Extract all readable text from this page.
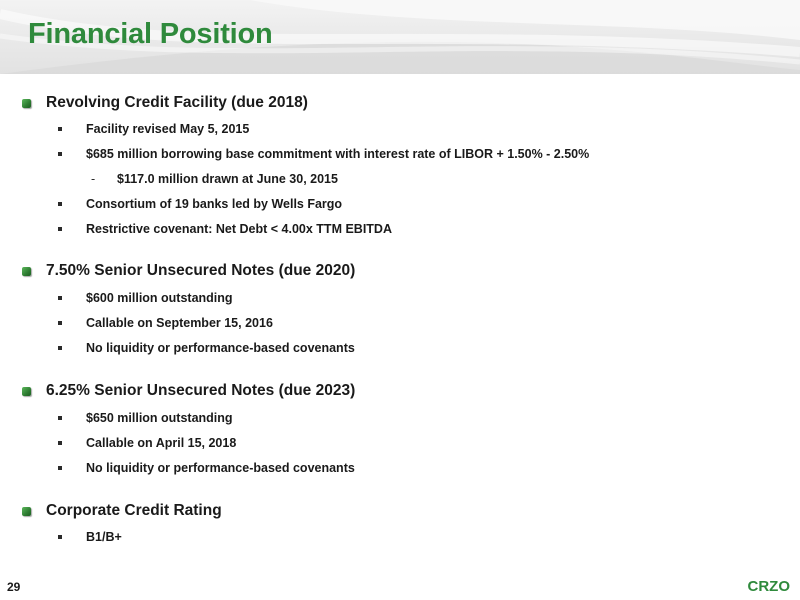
Financial Position
Revolving Credit Facility (due 2018)
Facility revised May 5, 2015
$685 million borrowing base commitment with interest rate of LIBOR + 1.50% - 2.50%
-	$117.0 million drawn at June 30, 2015
Consortium of 19 banks led by Wells Fargo
Restrictive covenant: Net Debt < 4.00x TTM EBITDA
7.50% Senior Unsecured Notes (due 2020)
$600 million outstanding
Callable on September 15, 2016
No liquidity or performance-based covenants
6.25% Senior Unsecured Notes (due 2023)
$650 million outstanding
Callable on April 15, 2018
No liquidity or performance-based covenants
Corporate Credit Rating
B1/B+
29	CRZO
